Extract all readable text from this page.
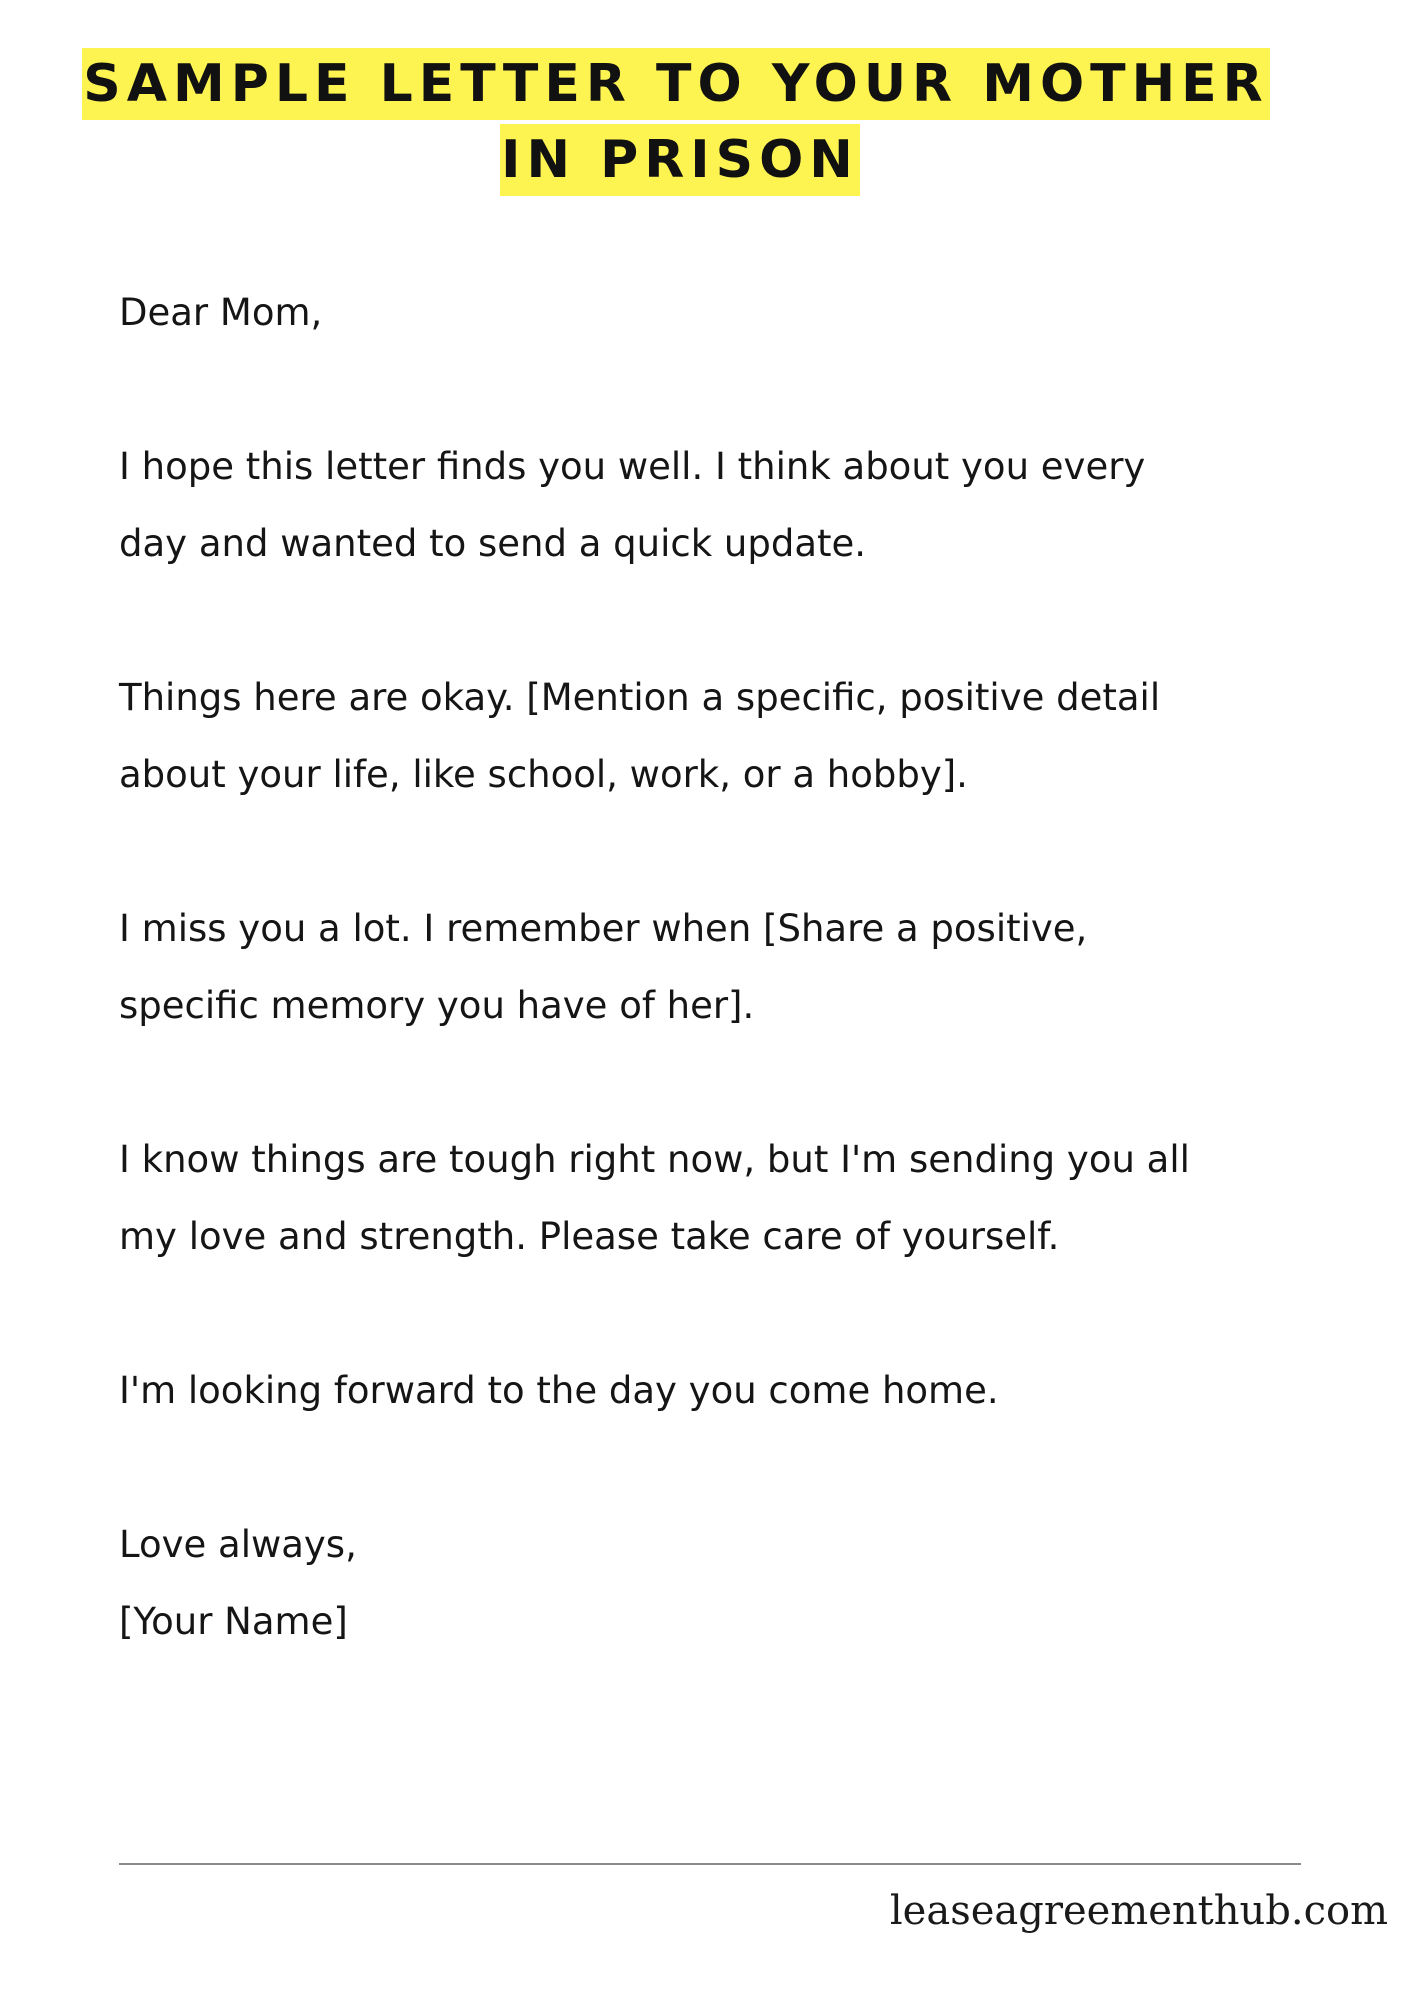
SAMPLE LETTER TO YOUR MOTHER
IN PRISON
Dear Mom,
I hope this letter finds you well. I think about you every
day and wanted to send a quick update.
Things here are okay. [Mention a specific, positive detail
about your life, like school, work, or a hobby].
I miss you a lot. I remember when [Share a positive,
specific memory you have of her].
I know things are tough right now, but I'm sending you all
my love and strength. Please take care of yourself.
I'm looking forward to the day you come home.
Love always,
[Your Name]
leaseagreementhub.com
